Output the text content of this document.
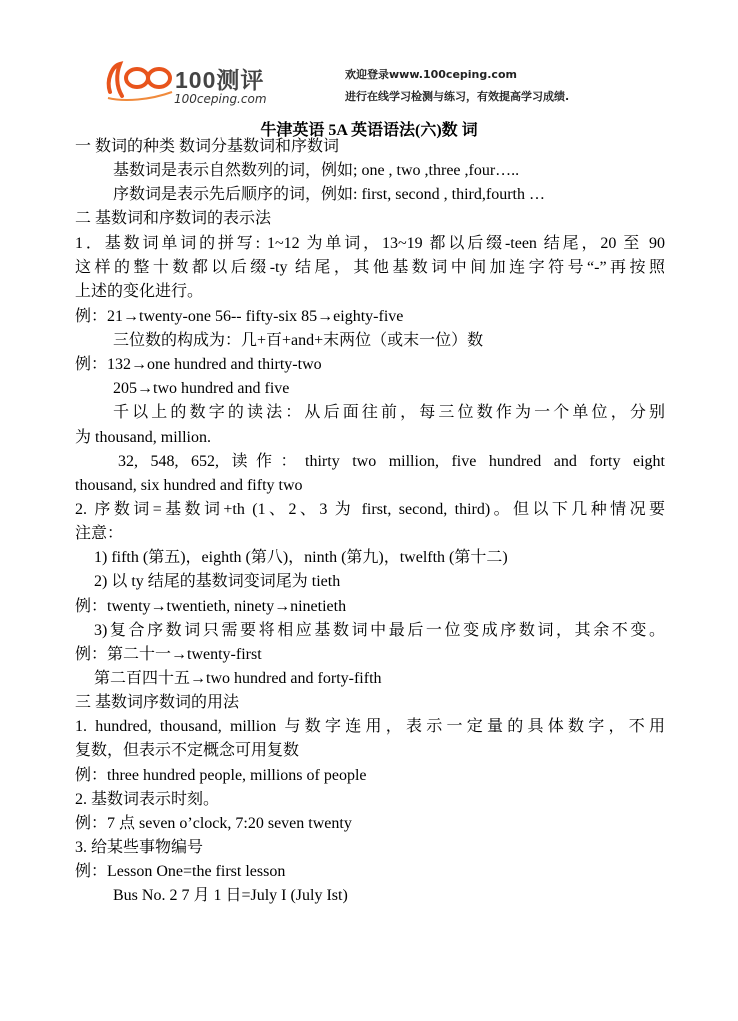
100测评
100ceping.com
欢迎登录www.100ceping.com
进行在线学习检测与练习，有效提高学习成绩.
牛津英语 5A 英语语法(六)数 词
一 数词的种类 数词分基数词和序数词
基数词是表示自然数列的词，例如; one , two ,three ,four…..
序数词是表示先后顺序的词，例如: first, second , third,fourth …
二 基数词和序数词的表示法
1．基数词单词的拼写: 1~12 为单词，13~19 都以后缀-teen 结尾，20 至 90
这样的整十数都以后缀-ty 结尾，其他基数词中间加连字符号“-”再按照
上述的变化进行。
例：21→twenty-one 56-- fifty-six 85→eighty-five
三位数的构成为：几+百+and+末两位（或末一位）数
例：132→one hundred and thirty-two
205→two hundred and five
千以上的数字的读法：从后面往前，每三位数作为一个单位，分别
为 thousand, million.
32, 548, 652, 读作：thirty two million, five hundred and forty eight
thousand, six hundred and fifty two
2. 序数词=基数词+th (1、2、3 为 first, second, third)。但以下几种情况要
注意：
1) fifth (第五)，eighth (第八)，ninth (第九)，twelfth (第十二)
2) 以 ty 结尾的基数词变词尾为 tieth
例：twenty→twentieth, ninety→ninetieth
3)复合序数词只需要将相应基数词中最后一位变成序数词，其余不变。
例：第二十一→twenty-first
第二百四十五→two hundred and forty-fifth
三 基数词序数词的用法
1. hundred, thousand, million 与数字连用，表示一定量的具体数字，不用
复数，但表示不定概念可用复数
例：three hundred people, millions of people
2. 基数词表示时刻。
例：7 点 seven o’clock, 7:20 seven twenty
3. 给某些事物编号
例：Lesson One=the first lesson
Bus No. 2 7 月 1 日=July I (July Ist)
